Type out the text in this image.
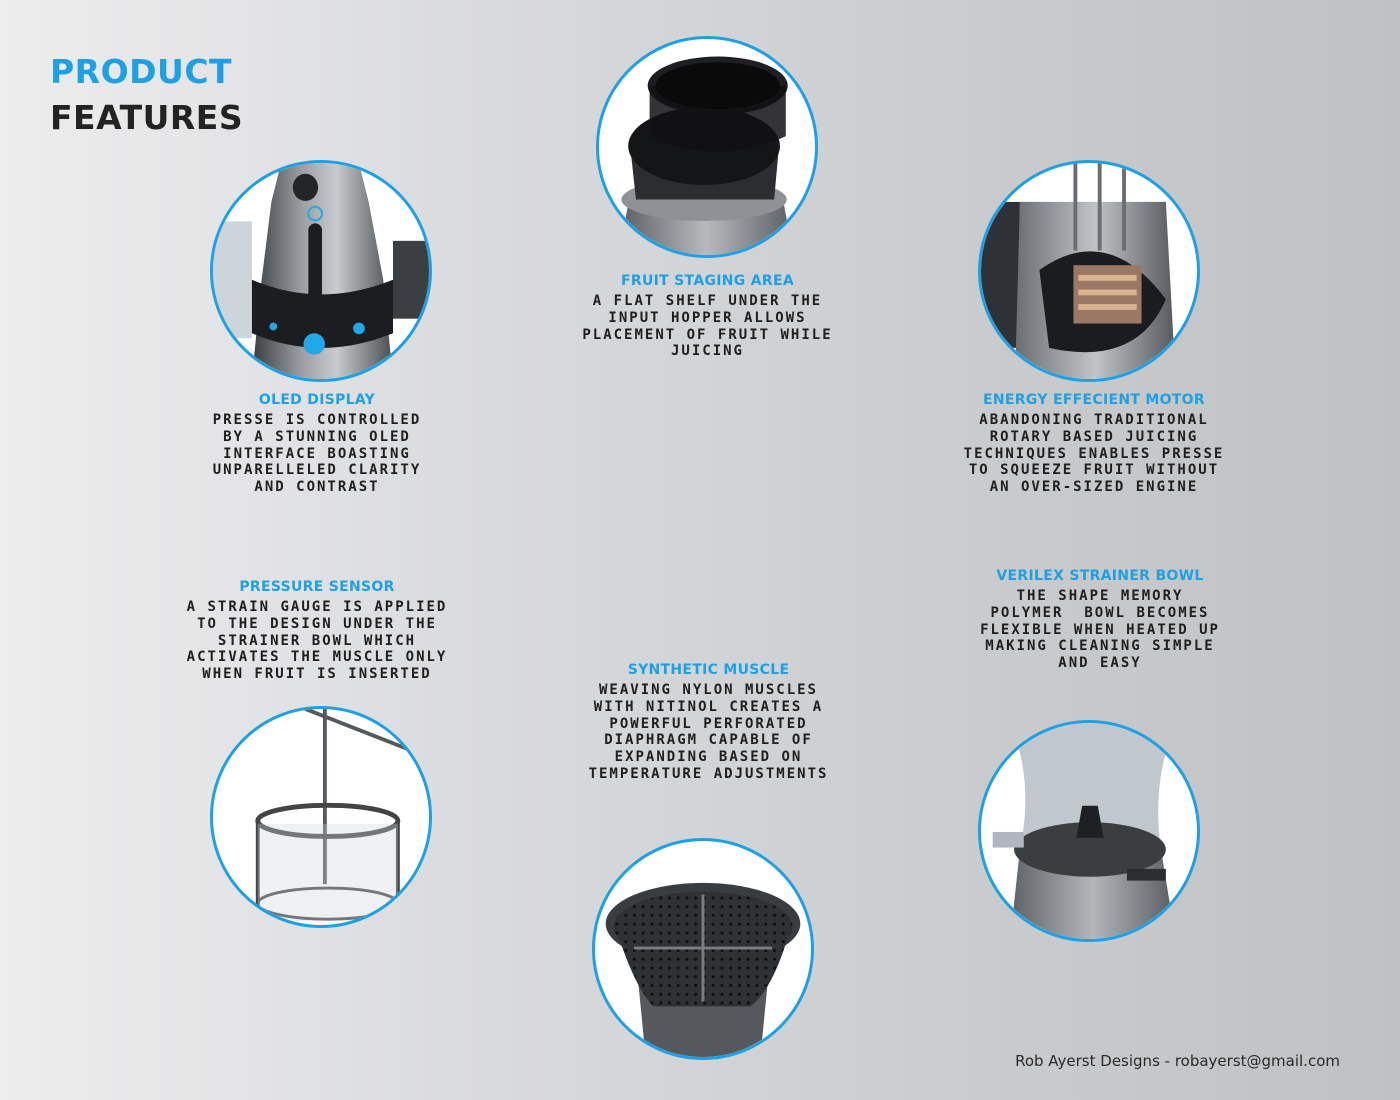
PRODUCT
FEATURES
OLED DISPLAY
PRESSE IS CONTROLLED
BY A STUNNING OLED
INTERFACE BOASTING
UNPARELLELED CLARITY
AND CONTRAST
FRUIT STAGING AREA
A FLAT SHELF UNDER THE
INPUT HOPPER ALLOWS
PLACEMENT OF FRUIT WHILE
JUICING
ENERGY EFFECIENT MOTOR
ABANDONING TRADITIONAL
ROTARY BASED JUICING
TECHNIQUES ENABLES PRESSE
TO SQUEEZE FRUIT WITHOUT
AN OVER-SIZED ENGINE
PRESSURE SENSOR
A STRAIN GAUGE IS APPLIED
TO THE DESIGN UNDER THE
STRAINER BOWL WHICH
ACTIVATES THE MUSCLE ONLY
WHEN FRUIT IS INSERTED	SYNTHETIC MUSCLE
WEAVING NYLON MUSCLES
WITH NITINOL CREATES A
POWERFUL PERFORATED
DIAPHRAGM CAPABLE OF
EXPANDING BASED ON
TEMPERATURE ADJUSTMENTS
VERILEX STRAINER BOWL
THE SHAPE MEMORY
POLYMER  BOWL BECOMES
FLEXIBLE WHEN HEATED UP
MAKING CLEANING SIMPLE
AND EASY
Rob Ayerst Designs - robayerst@gmail.com
